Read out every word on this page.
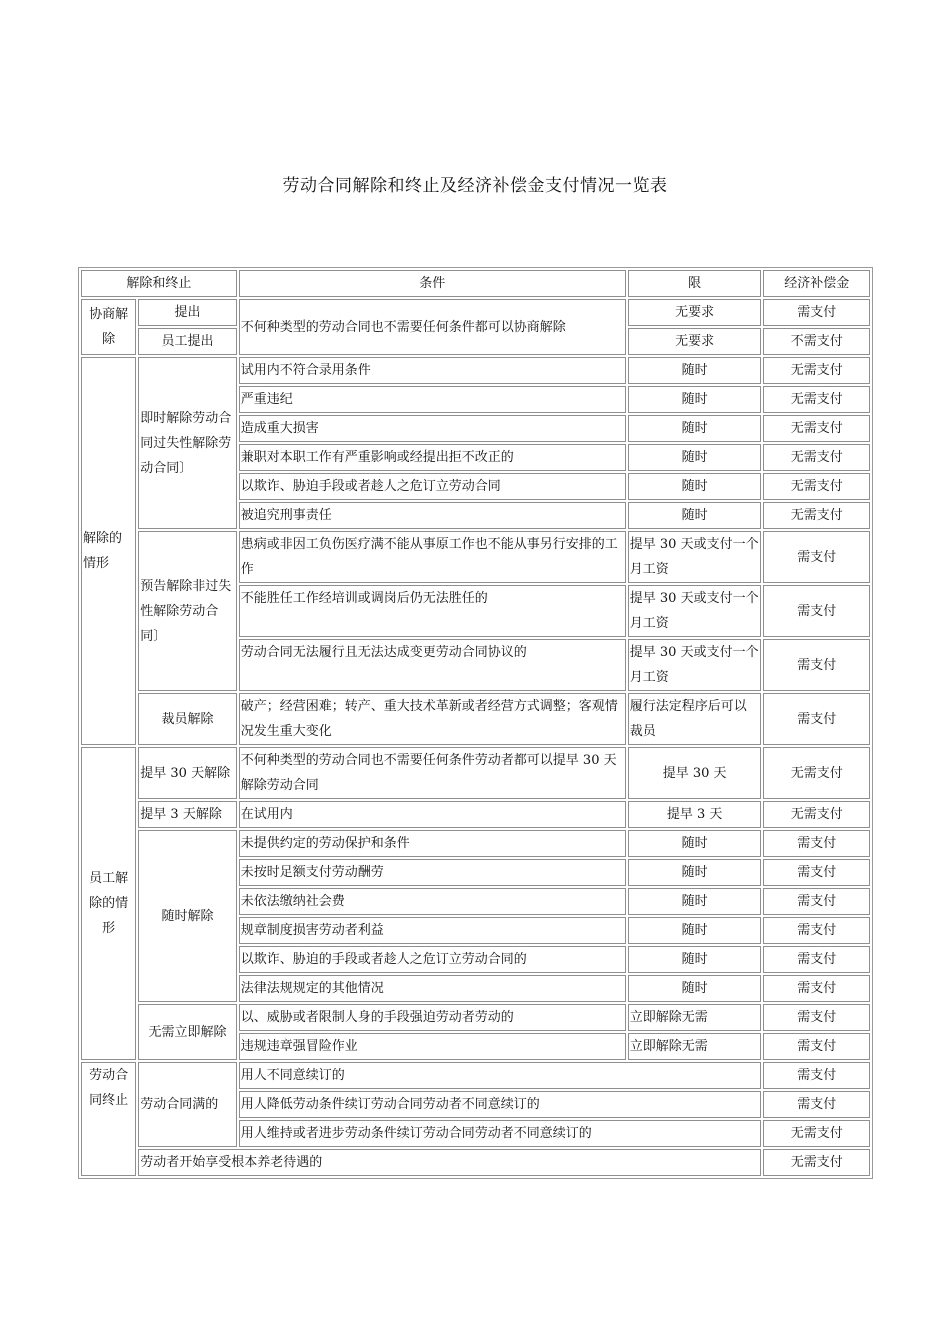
劳动合同解除和终止及经济补偿金支付情况一览表
解除和终止		条件	限	经济补偿金
协商解除	提出	不何种类型的劳动合同也不需要任何条件都可以协商解除	无要求	需支付
	员工提出		无要求	不需支付
解除的情形	即时解除劳动合同过失性解除劳动合同〕	试用内不符合录用条件	随时	无需支付
		严重违纪	随时	无需支付
		造成重大损害	随时	无需支付
		兼职对本职工作有严重影响或经提出拒不改正的	随时	无需支付
		以欺诈、胁迫手段或者趁人之危订立劳动合同	随时	无需支付
		被追究刑事责任	随时	无需支付
	预告解除非过失性解除劳动合同〕	患病或非因工负伤医疗满不能从事原工作也不能从事另行安排的工作	提早 30 天或支付一个月工资	需支付
		不能胜任工作经培训或调岗后仍无法胜任的	提早 30 天或支付一个月工资	需支付
		劳动合同无法履行且无法达成变更劳动合同协议的	提早 30 天或支付一个月工资	需支付
	裁员解除	破产；经营困难；转产、重大技术革新或者经营方式调整；客观情况发生重大变化	履行法定程序后可以裁员	需支付
员工解除的情形	提早 30 天解除	不何种类型的劳动合同也不需要任何条件劳动者都可以提早 30 天解除劳动合同	提早 30 天	无需支付
	提早 3 天解除	在试用内	提早 3 天	无需支付
	随时解除	未提供约定的劳动保护和条件	随时	需支付
		未按时足额支付劳动酬劳	随时	需支付
		未依法缴纳社会费	随时	需支付
		规章制度损害劳动者利益	随时	需支付
		以欺诈、胁迫的手段或者趁人之危订立劳动合同的	随时	需支付
		法律法规规定的其他情况	随时	需支付
	无需立即解除	以、威胁或者限制人身的手段强迫劳动者劳动的	立即解除无需	需支付
		违规违章强冒险作业	立即解除无需	需支付
劳动合同终止	劳动合同满的	用人不同意续订的		需支付
		用人降低劳动条件续订劳动合同劳动者不同意续订的		需支付
		用人维持或者进步劳动条件续订劳动合同劳动者不同意续订的		无需支付
	劳动者开始享受根本养老待遇的			无需支付
